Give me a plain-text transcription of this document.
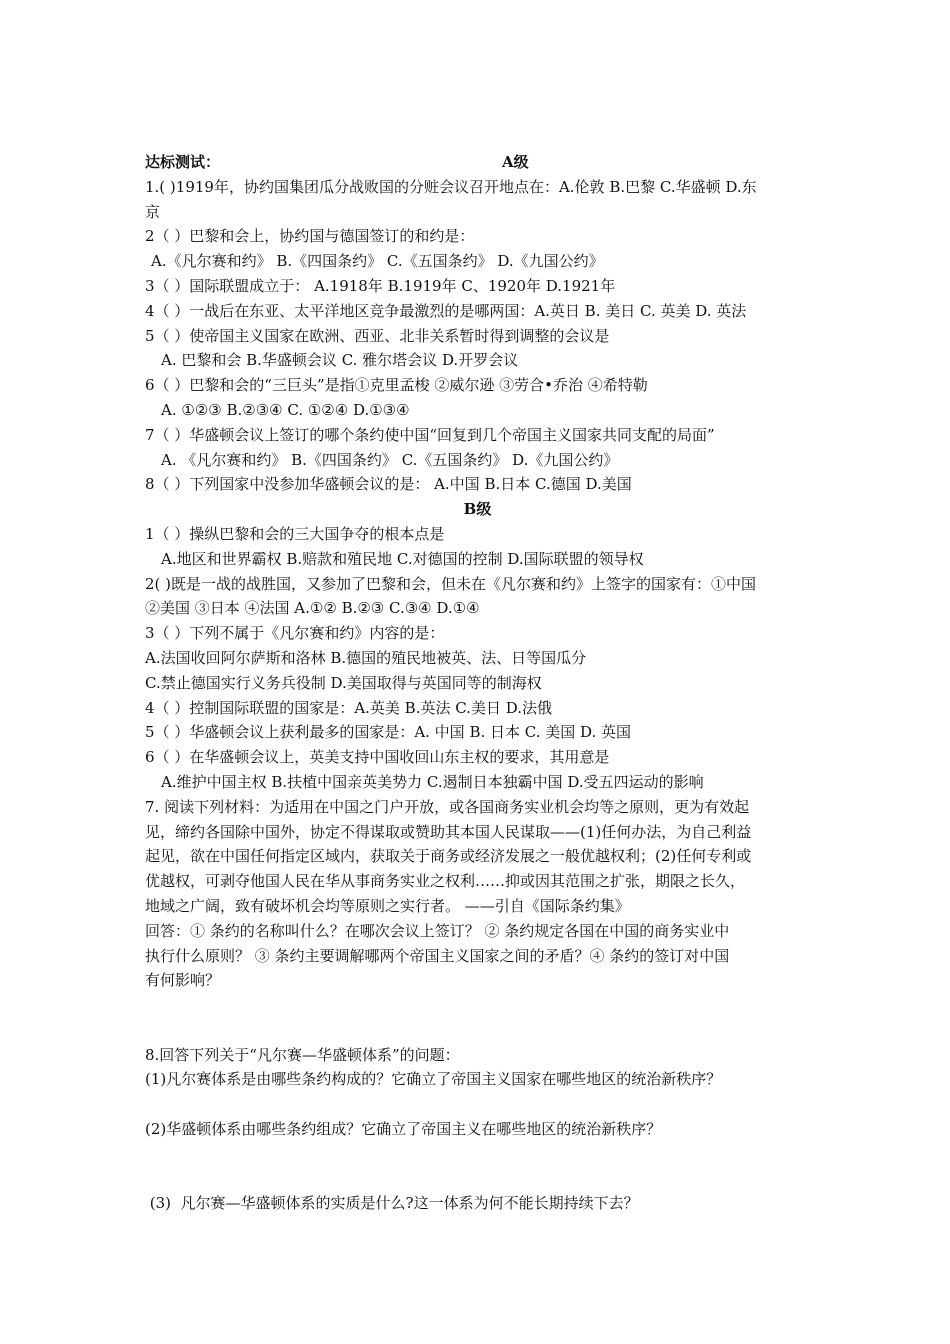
达标测试：	A级
1.( )1919年，协约国集团瓜分战败国的分赃会议召开地点在：A.伦敦 B.巴黎 C.华盛顿 D.东
京
2（ ）巴黎和会上，协约国与德国签订的和约是：
A.《凡尔赛和约》 B.《四国条约》 C.《五国条约》 D.《九国公约》
3（ ）国际联盟成立于： A.1918年 B.1919年 C、1920年 D.1921年
4（ ）一战后在东亚、太平洋地区竞争最激烈的是哪两国：A.英日 B. 美日 C. 英美 D. 英法
5（ ）使帝国主义国家在欧洲、西亚、北非关系暂时得到调整的会议是
A. 巴黎和会 B.华盛顿会议 C. 雅尔塔会议 D.开罗会议
6（ ）巴黎和会的“三巨头”是指①克里孟梭 ②威尔逊 ③劳合•乔治 ④希特勒
A. ①②③ B.②③④ C. ①②④ D.①③④
7（ ）华盛顿会议上签订的哪个条约使中国“回复到几个帝国主义国家共同支配的局面”
A. 《凡尔赛和约》 B.《四国条约》 C.《五国条约》 D.《九国公约》
8（ ）下列国家中没参加华盛顿会议的是： A.中国 B.日本 C.德国 D.美国
B级
1（ ）操纵巴黎和会的三大国争夺的根本点是
A.地区和世界霸权 B.赔款和殖民地 C.对德国的控制 D.国际联盟的领导权
2( )既是一战的战胜国，又参加了巴黎和会，但未在《凡尔赛和约》上签字的国家有：①中国
②美国 ③日本 ④法国 A.①② B.②③ C.③④ D.①④
3（ ）下列不属于《凡尔赛和约》内容的是：
A.法国收回阿尔萨斯和洛林 B.德国的殖民地被英、法、日等国瓜分
C.禁止德国实行义务兵役制 D.美国取得与英国同等的制海权
4（ ）控制国际联盟的国家是：A.英美 B.英法 C.美日 D.法俄
5（ ）华盛顿会议上获利最多的国家是：A. 中国 B. 日本 C. 美国 D. 英国
6（ ）在华盛顿会议上，英美支持中国收回山东主权的要求，其用意是
A.维护中国主权 B.扶植中国亲英美势力 C.遏制日本独霸中国 D.受五四运动的影响
7. 阅读下列材料：为适用在中国之门户开放，或各国商务实业机会均等之原则，更为有效起
见，缔约各国除中国外，协定不得谋取或赞助其本国人民谋取——(1)任何办法，为自己利益
起见，欲在中国任何指定区域内，获取关于商务或经济发展之一般优越权利；(2)任何专利或
优越权，可剥夺他国人民在华从事商务实业之权利……抑或因其范围之扩张，期限之长久，
地域之广阔，致有破坏机会均等原则之实行者。 ——引自《国际条约集》
回答：① 条约的名称叫什么？在哪次会议上签订？ ② 条约规定各国在中国的商务实业中
执行什么原则？ ③ 条约主要调解哪两个帝国主义国家之间的矛盾？④ 条约的签订对中国
有何影响？
8.回答下列关于“凡尔赛—华盛顿体系”的问题：
(1)凡尔赛体系是由哪些条约构成的？它确立了帝国主义国家在哪些地区的统治新秩序？
(2)华盛顿体系由哪些条约组成？它确立了帝国主义在哪些地区的统治新秩序？
(3)  凡尔赛—华盛顿体系的实质是什么?这一体系为何不能长期持续下去？
